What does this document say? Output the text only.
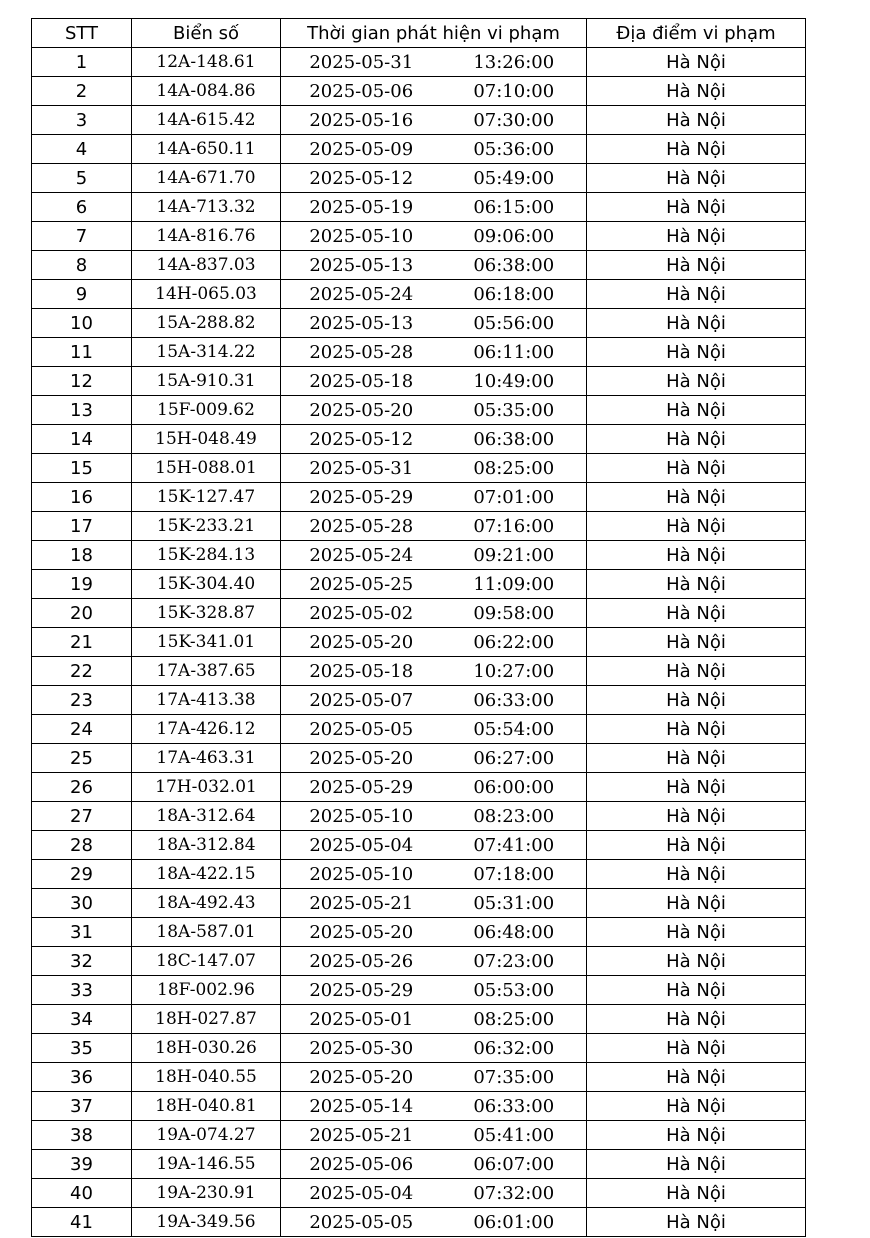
STT	Biển số	Thời gian phát hiện vi phạm		Địa điểm vi phạm
1	12A-148.61	2025-05-31	13:26:00	Hà Nội
2	14A-084.86	2025-05-06	07:10:00	Hà Nội
3	14A-615.42	2025-05-16	07:30:00	Hà Nội
4	14A-650.11	2025-05-09	05:36:00	Hà Nội
5	14A-671.70	2025-05-12	05:49:00	Hà Nội
6	14A-713.32	2025-05-19	06:15:00	Hà Nội
7	14A-816.76	2025-05-10	09:06:00	Hà Nội
8	14A-837.03	2025-05-13	06:38:00	Hà Nội
9	14H-065.03	2025-05-24	06:18:00	Hà Nội
10	15A-288.82	2025-05-13	05:56:00	Hà Nội
11	15A-314.22	2025-05-28	06:11:00	Hà Nội
12	15A-910.31	2025-05-18	10:49:00	Hà Nội
13	15F-009.62	2025-05-20	05:35:00	Hà Nội
14	15H-048.49	2025-05-12	06:38:00	Hà Nội
15	15H-088.01	2025-05-31	08:25:00	Hà Nội
16	15K-127.47	2025-05-29	07:01:00	Hà Nội
17	15K-233.21	2025-05-28	07:16:00	Hà Nội
18	15K-284.13	2025-05-24	09:21:00	Hà Nội
19	15K-304.40	2025-05-25	11:09:00	Hà Nội
20	15K-328.87	2025-05-02	09:58:00	Hà Nội
21	15K-341.01	2025-05-20	06:22:00	Hà Nội
22	17A-387.65	2025-05-18	10:27:00	Hà Nội
23	17A-413.38	2025-05-07	06:33:00	Hà Nội
24	17A-426.12	2025-05-05	05:54:00	Hà Nội
25	17A-463.31	2025-05-20	06:27:00	Hà Nội
26	17H-032.01	2025-05-29	06:00:00	Hà Nội
27	18A-312.64	2025-05-10	08:23:00	Hà Nội
28	18A-312.84	2025-05-04	07:41:00	Hà Nội
29	18A-422.15	2025-05-10	07:18:00	Hà Nội
30	18A-492.43	2025-05-21	05:31:00	Hà Nội
31	18A-587.01	2025-05-20	06:48:00	Hà Nội
32	18C-147.07	2025-05-26	07:23:00	Hà Nội
33	18F-002.96	2025-05-29	05:53:00	Hà Nội
34	18H-027.87	2025-05-01	08:25:00	Hà Nội
35	18H-030.26	2025-05-30	06:32:00	Hà Nội
36	18H-040.55	2025-05-20	07:35:00	Hà Nội
37	18H-040.81	2025-05-14	06:33:00	Hà Nội
38	19A-074.27	2025-05-21	05:41:00	Hà Nội
39	19A-146.55	2025-05-06	06:07:00	Hà Nội
40	19A-230.91	2025-05-04	07:32:00	Hà Nội
41	19A-349.56	2025-05-05	06:01:00	Hà Nội
